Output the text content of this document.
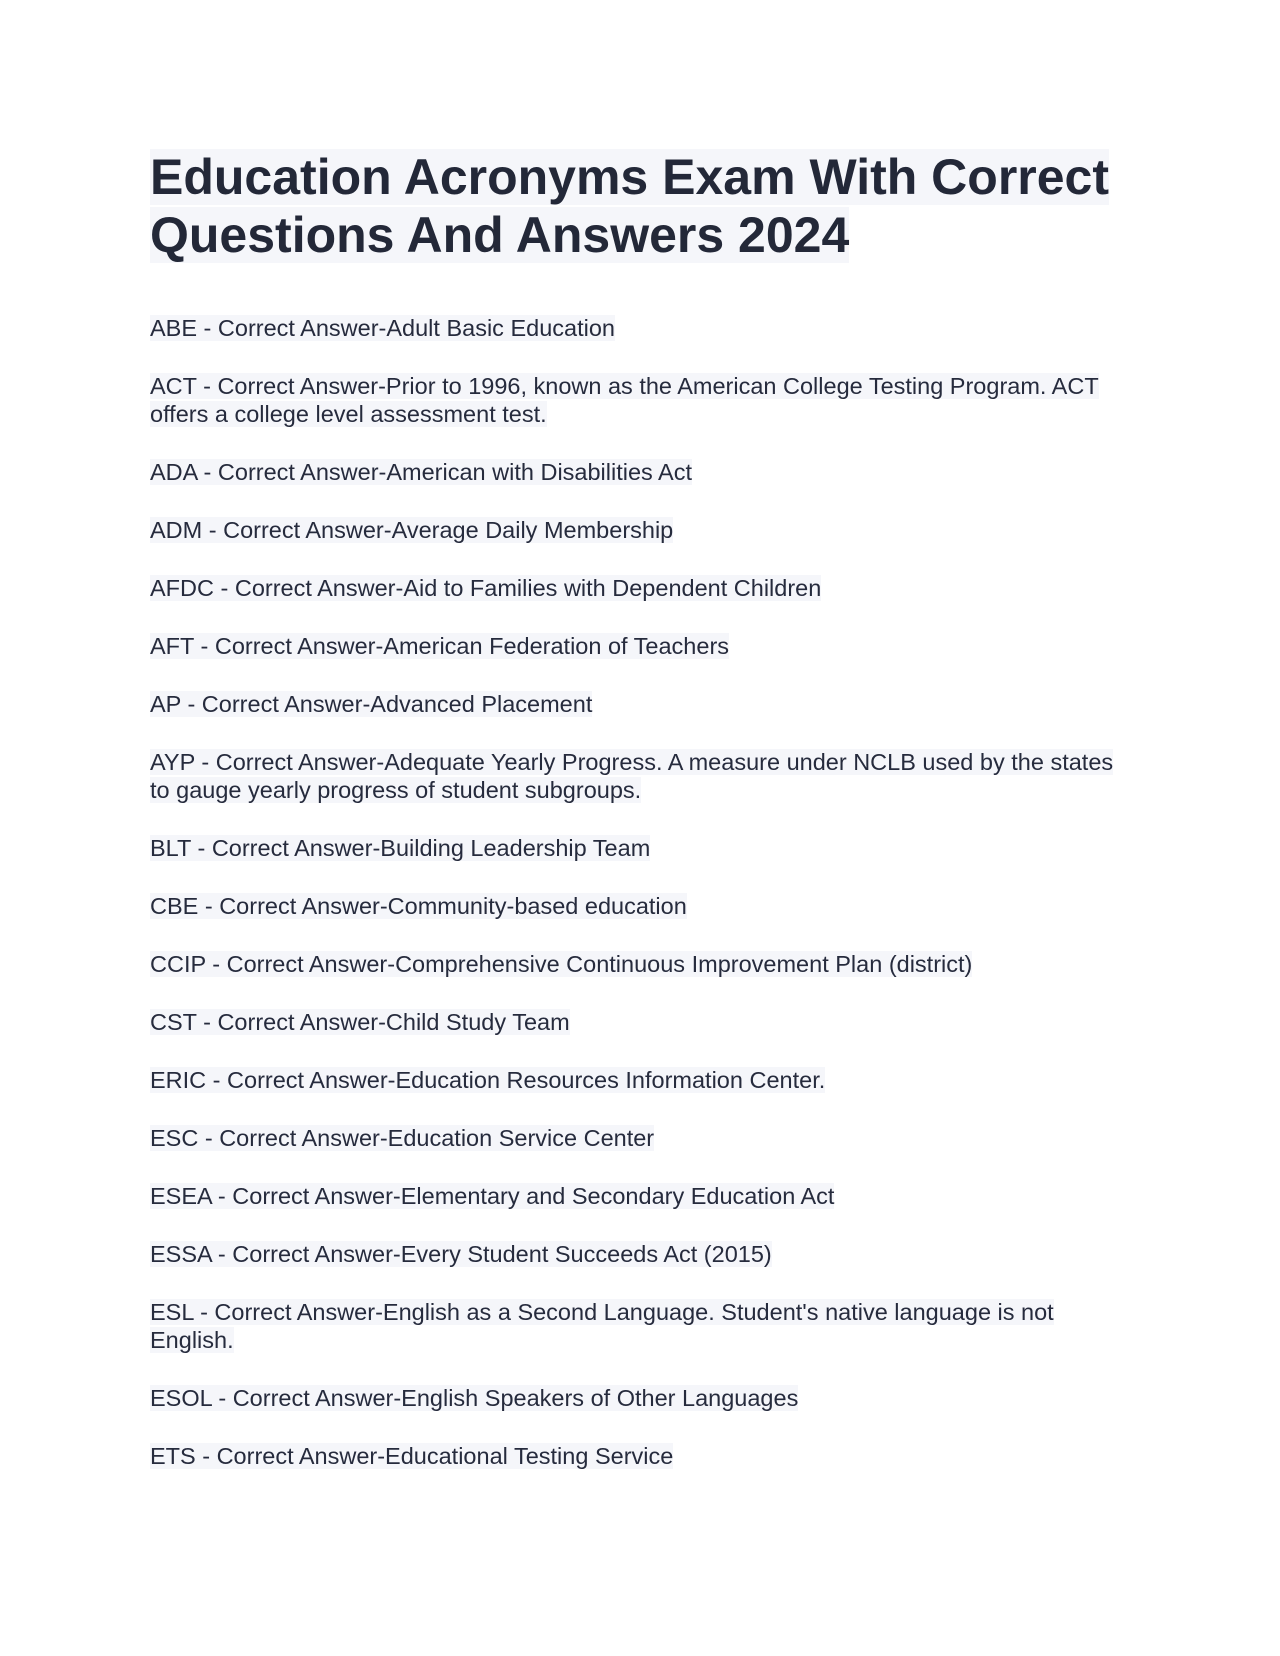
Education Acronyms Exam With Correct Questions And Answers 2024
ABE - Correct Answer-Adult Basic Education
ACT - Correct Answer-Prior to 1996, known as the American College Testing Program. ACT offers a college level assessment test.
ADA - Correct Answer-American with Disabilities Act
ADM - Correct Answer-Average Daily Membership
AFDC - Correct Answer-Aid to Families with Dependent Children
AFT - Correct Answer-American Federation of Teachers
AP - Correct Answer-Advanced Placement
AYP - Correct Answer-Adequate Yearly Progress. A measure under NCLB used by the states to gauge yearly progress of student subgroups.
BLT - Correct Answer-Building Leadership Team
CBE - Correct Answer-Community-based education
CCIP - Correct Answer-Comprehensive Continuous Improvement Plan (district)
CST - Correct Answer-Child Study Team
ERIC - Correct Answer-Education Resources Information Center.
ESC - Correct Answer-Education Service Center
ESEA - Correct Answer-Elementary and Secondary Education Act
ESSA - Correct Answer-Every Student Succeeds Act (2015)
ESL - Correct Answer-English as a Second Language. Student's native language is not English.
ESOL - Correct Answer-English Speakers of Other Languages
ETS - Correct Answer-Educational Testing Service
